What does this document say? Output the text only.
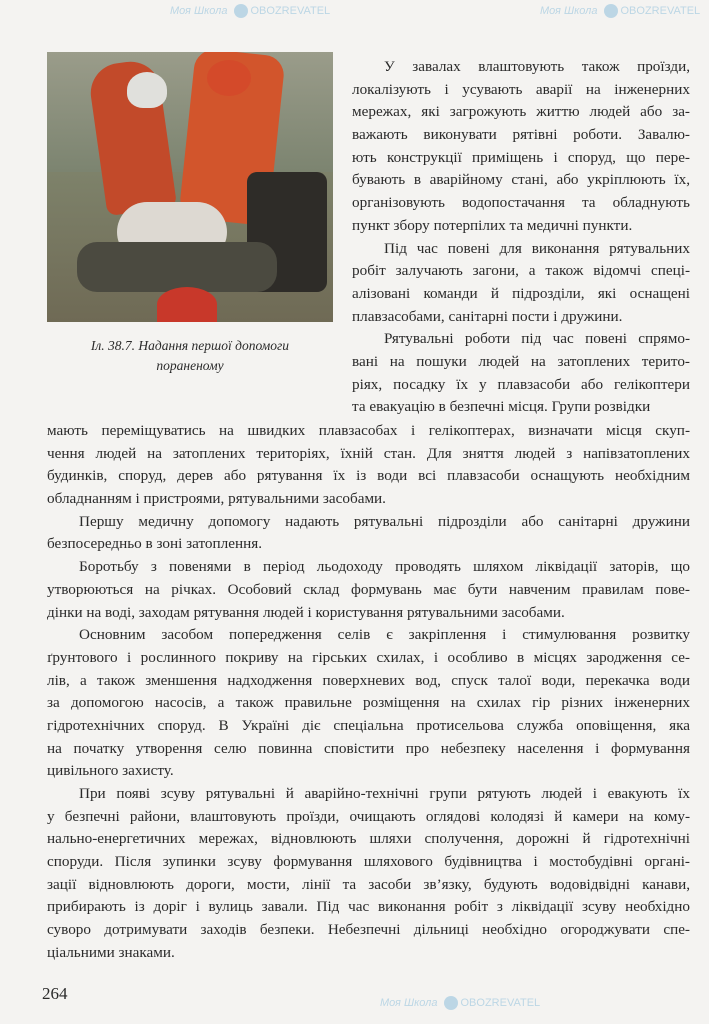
Іл. 38.7. Надання першої допомоги
пораненому
У завалах влаштовують також проїзди,
локалізують і усувають аварії на інженерних
мережах, які загрожують життю людей або за-
важають виконувати рятівні роботи. Завалю-
ють конструкції приміщень і споруд, що пере-
бувають в аварійному стані, або укріплюють їх,
організовують водопостачання та обладнують
пункт збору потерпілих та медичні пункти.
Під час повені для виконання рятувальних
робіт залучають загони, а також відомчі спеці-
алізовані команди й підрозділи, які оснащені
плавзасобами, санітарні пости і дружини.
Рятувальні роботи під час повені спрямо-
вані на пошуки людей на затоплених терито-
ріях, посадку їх у плавзасоби або гелікоптери
та евакуацію в безпечні місця. Групи розвідки
мають переміщуватись на швидких плавзасобах і гелікоптерах, визначати місця скуп-
чення людей на затоплених територіях, їхній стан. Для зняття людей з напівзатоплених
будинків, споруд, дерев або рятування їх із води всі плавзасоби оснащують необхідним
обладнанням і пристроями, рятувальними засобами.
Першу медичну допомогу надають рятувальні підрозділи або санітарні дружини
безпосередньо в зоні затоплення.
Боротьбу з повенями в період льодоходу проводять шляхом ліквідації заторів, що
утворюються на річках. Особовий склад формувань має бути навченим правилам пове-
дінки на воді, заходам рятування людей і користування рятувальними засобами.
Основним засобом попередження селів є закріплення і стимулювання розвитку
ґрунтового і рослинного покриву на гірських схилах, і особливо в місцях зародження се-
лів, а також зменшення надходження поверхневих вод, спуск талої води, перекачка води
за допомогою насосів, а також правильне розміщення на схилах гір різних інженерних
гідротехнічних споруд. В Україні діє спеціальна протисельова служба оповіщення, яка
на початку утворення селю повинна сповістити про небезпеку населення і формування
цивільного захисту.
При появі зсуву рятувальні й аварійно-технічні групи рятують людей і евакують їх
у безпечні райони, влаштовують проїзди, очищають оглядові колодязі й камери на кому-
нально-енергетичних мережах, відновлюють шляхи сполучення, дорожні й гідротехнічні
споруди. Після зупинки зсуву формування шляхового будівництва і мостобудівні органі-
зації відновлюють дороги, мости, лінії та засоби зв’язку, будують водовідвідні канави,
прибирають із доріг і вулиць завали. Під час виконання робіт з ліквідації зсуву необхідно
суворо дотримувати заходів безпеки. Небезпечні дільниці необхідно огороджувати спе-
ціальними знаками.
264
Моя Школа OBOZREVATEL	Моя Школа OBOZREVATEL
Моя Школа OBOZREVATEL
